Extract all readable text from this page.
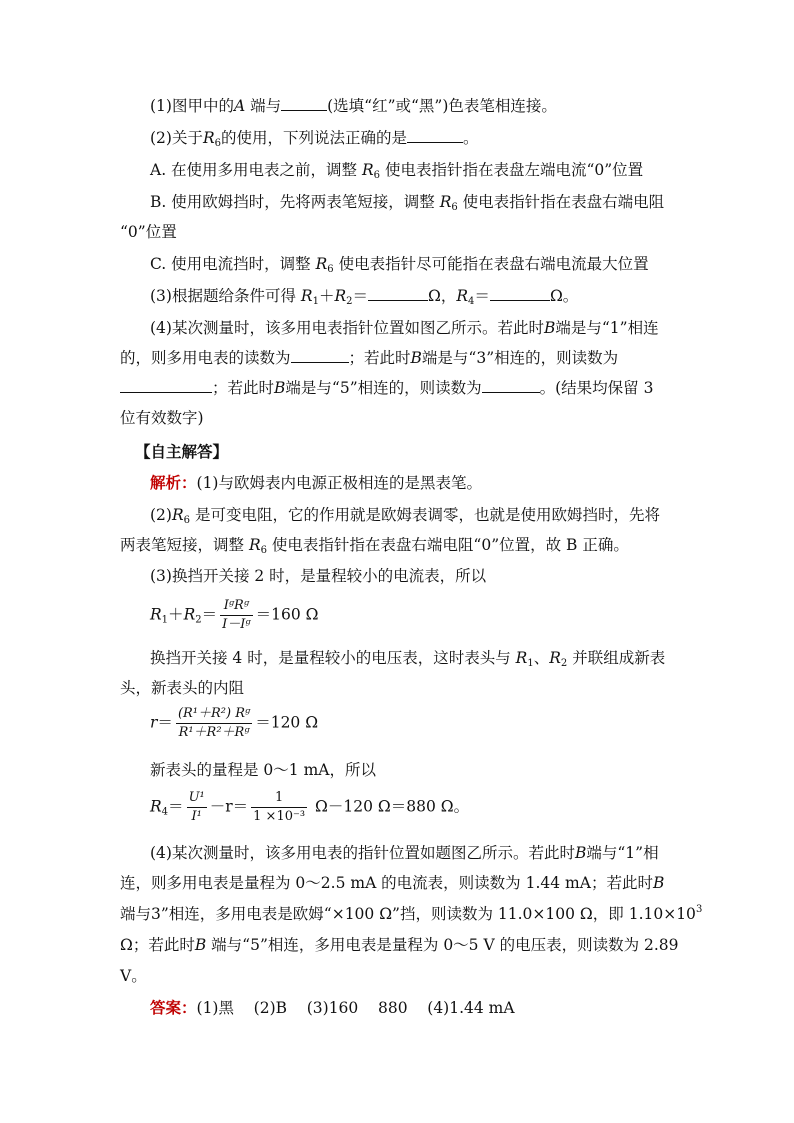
(1)图甲中的A 端与	(选填“红”或“黑”)色表笔相连接。
(2)关于$R_6$的使用，下列说法正确的是	。
A. 在使用多用电表之前，调整 $R_6$ 使电表指针指在表盘左端电流“0”位置
B. 使用欧姆挡时，先将两表笔短接，调整 $R_6$ 使电表指针指在表盘右端电阻
“0”位置
C. 使用电流挡时，调整 $R_6$ 使电表指针尽可能指在表盘右端电流最大位置
(3)根据题给条件可得 $R_1+R_2=$	Ω，$R_4=$	Ω。
(4)某次测量时，该多用电表指针位置如图乙所示。若此时B端是与“1”相连
的，则多用电表的读数为	；若此时B端是与“3”相连的，则读数为
；若此时B端是与“5”相连的，则读数为	。(结果均保留 3
位有效数字)
【自主解答】
解析：(1)与欧姆表内电源正极相连的是黑表笔。
$(2)R_6$ 是可变电阻，它的作用就是欧姆表调零，也就是使用欧姆挡时，先将
两表笔短接，调整 $R_6$ 使电表指针指在表盘右端电阻“0”位置，故 B 正确。
(3)换挡开关接 2 时，是量程较小的电流表，所以
$R_1+R_2= \frac{\text{IᵍRᵍ}}{\text{I－Iᵍ}} =160$ Ω
换挡开关接 4 时，是量程较小的电压表，这时表头与 $R_1$、$R_2$ 并联组成新表
头，新表头的内阻
$r= \frac{\text{(R¹＋R²) Rᵍ}}{\text{R¹＋R²＋Rᵍ}} =120$ Ω
新表头的量程是 0～1 mA，所以
$R_4= \frac{\text{U¹}}{\text{I¹}} -r= \frac{1}{\text{1 ×10⁻³}} \Omega-120$ Ω＝880 Ω。
(4)某次测量时，该多用电表的指针位置如题图乙所示。若此时B端与“1”相
连，则多用电表是量程为 0～2.5 mA 的电流表，则读数为 1.44 mA；若此时B
端与3”相连，多用电表是欧姆“×100 Ω”挡，则读数为 11.0×100 Ω，即 $1.10\times 10^3$
Ω；若此时B 端与“5”相连，多用电表是量程为 0～5 V 的电压表，则读数为 2.89
V。
答案：(1)黑    (2)B    (3)160    880    (4)1.44 mA
